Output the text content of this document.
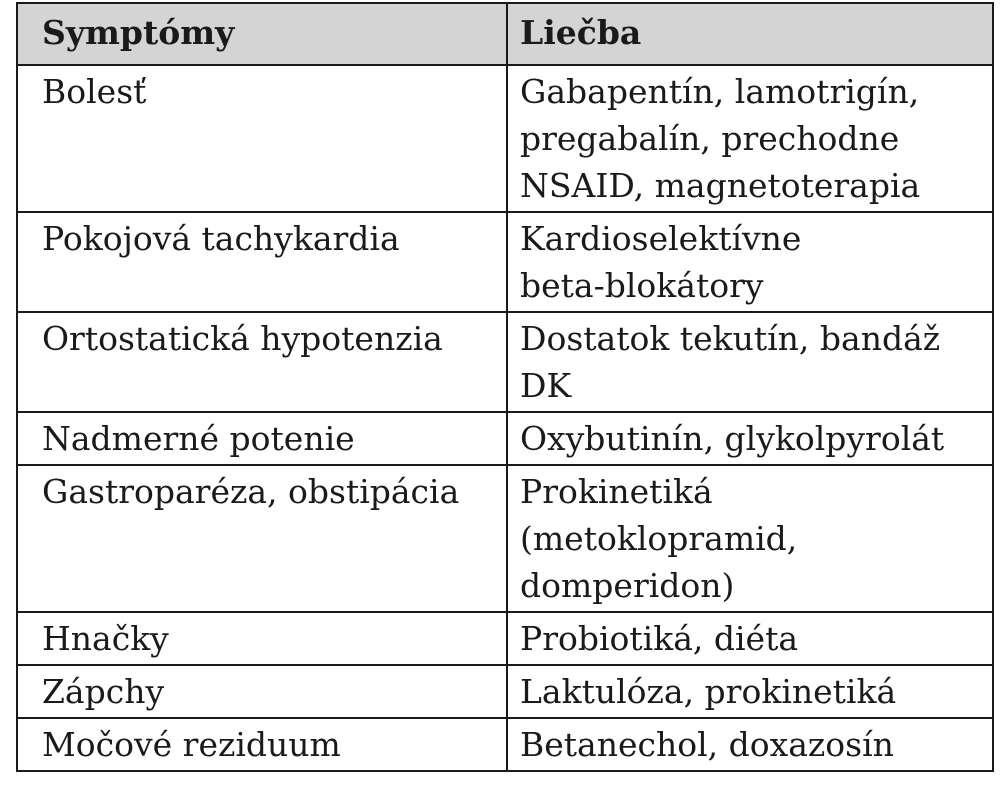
Symptómy	Liečba
Bolesť	Gabapentín, lamotrigín,
pregabalín, prechodne
NSAID, magnetoterapia

Pokojová tachykardia	Kardioselektívne
beta-blokátory

Ortostatická hypotenzia	Dostatok tekutín, bandáž
DK

Nadmerné potenie	Oxybutinín, glykolpyrolát

Gastroparéza, obstipácia	Prokinetiká
(metoklopramid,
domperidon)

Hnačky	Probiotiká, diéta

Zápchy	Laktulóza, prokinetiká

Močové reziduum	Betanechol, doxazosín
